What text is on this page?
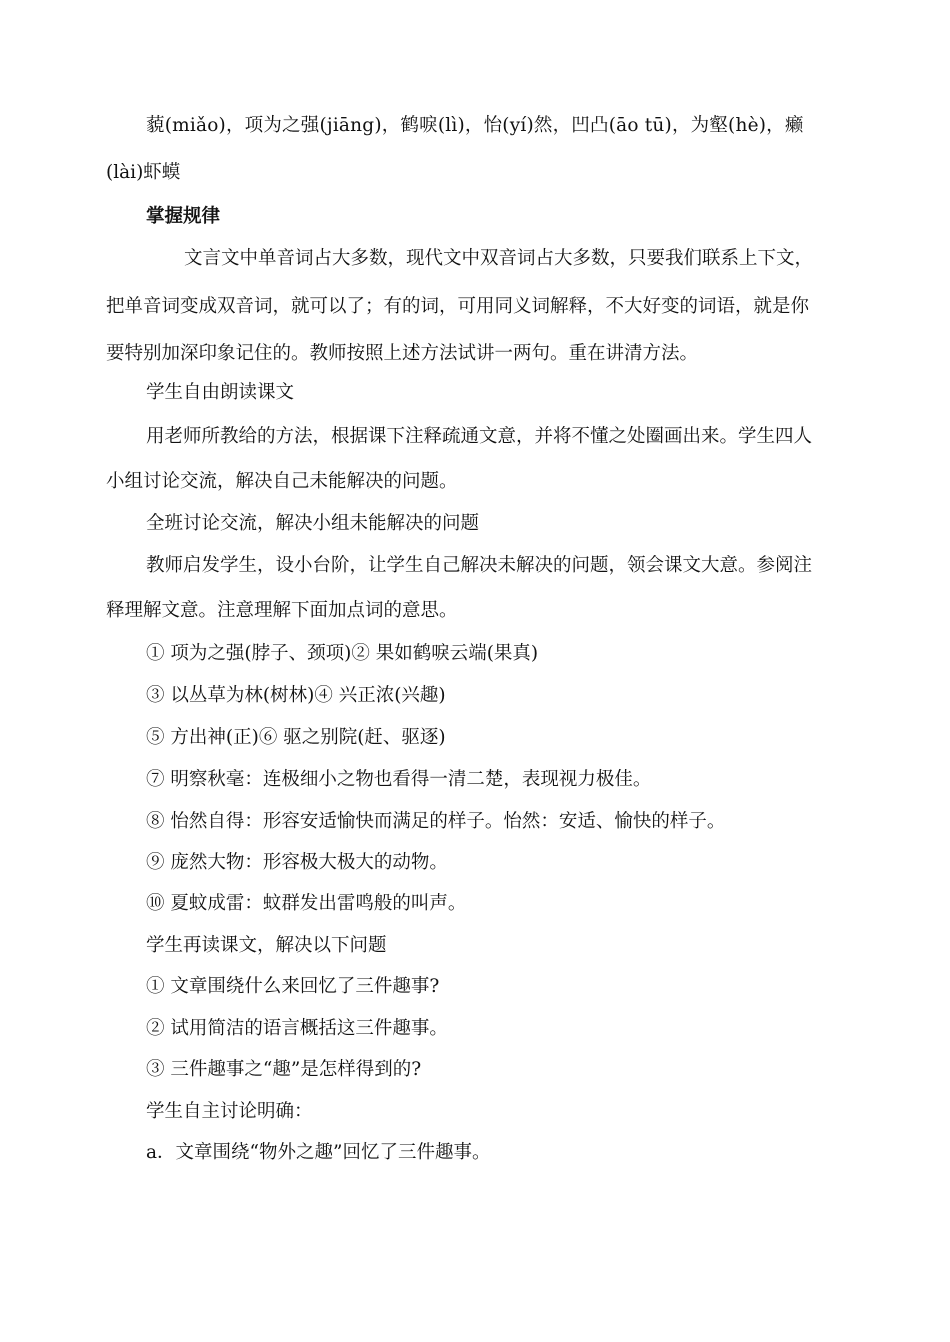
藐(miǎo)，项为之强(jiāng)，鹤唳(lì)，怡(yí)然，凹凸(āo tū)，为壑(hè)，癞
(lài)虾蟆
掌握规律
文言文中单音词占大多数，现代文中双音词占大多数，只要我们联系上下文，
把单音词变成双音词，就可以了；有的词，可用同义词解释，不大好变的词语，就是你
要特别加深印象记住的。教师按照上述方法试讲一两句。重在讲清方法。
学生自由朗读课文
用老师所教给的方法，根据课下注释疏通文意，并将不懂之处圈画出来。学生四人
小组讨论交流，解决自己未能解决的问题。
全班讨论交流，解决小组未能解决的问题
教师启发学生，设小台阶，让学生自己解决未解决的问题，领会课文大意。参阅注
释理解文意。注意理解下面加点词的意思。
① 项为之强(脖子、颈项)② 果如鹤唳云端(果真)
③ 以丛草为林(树林)④ 兴正浓(兴趣)
⑤ 方出神(正)⑥ 驱之别院(赶、驱逐)
⑦ 明察秋毫：连极细小之物也看得一清二楚，表现视力极佳。
⑧ 怡然自得：形容安适愉快而满足的样子。怡然：安适、愉快的样子。
⑨ 庞然大物：形容极大极大的动物。
⑩ 夏蚊成雷：蚊群发出雷鸣般的叫声。
学生再读课文，解决以下问题
① 文章围绕什么来回忆了三件趣事?
② 试用简洁的语言概括这三件趣事。
③ 三件趣事之“趣”是怎样得到的?
学生自主讨论明确：
a．文章围绕“物外之趣”回忆了三件趣事。
